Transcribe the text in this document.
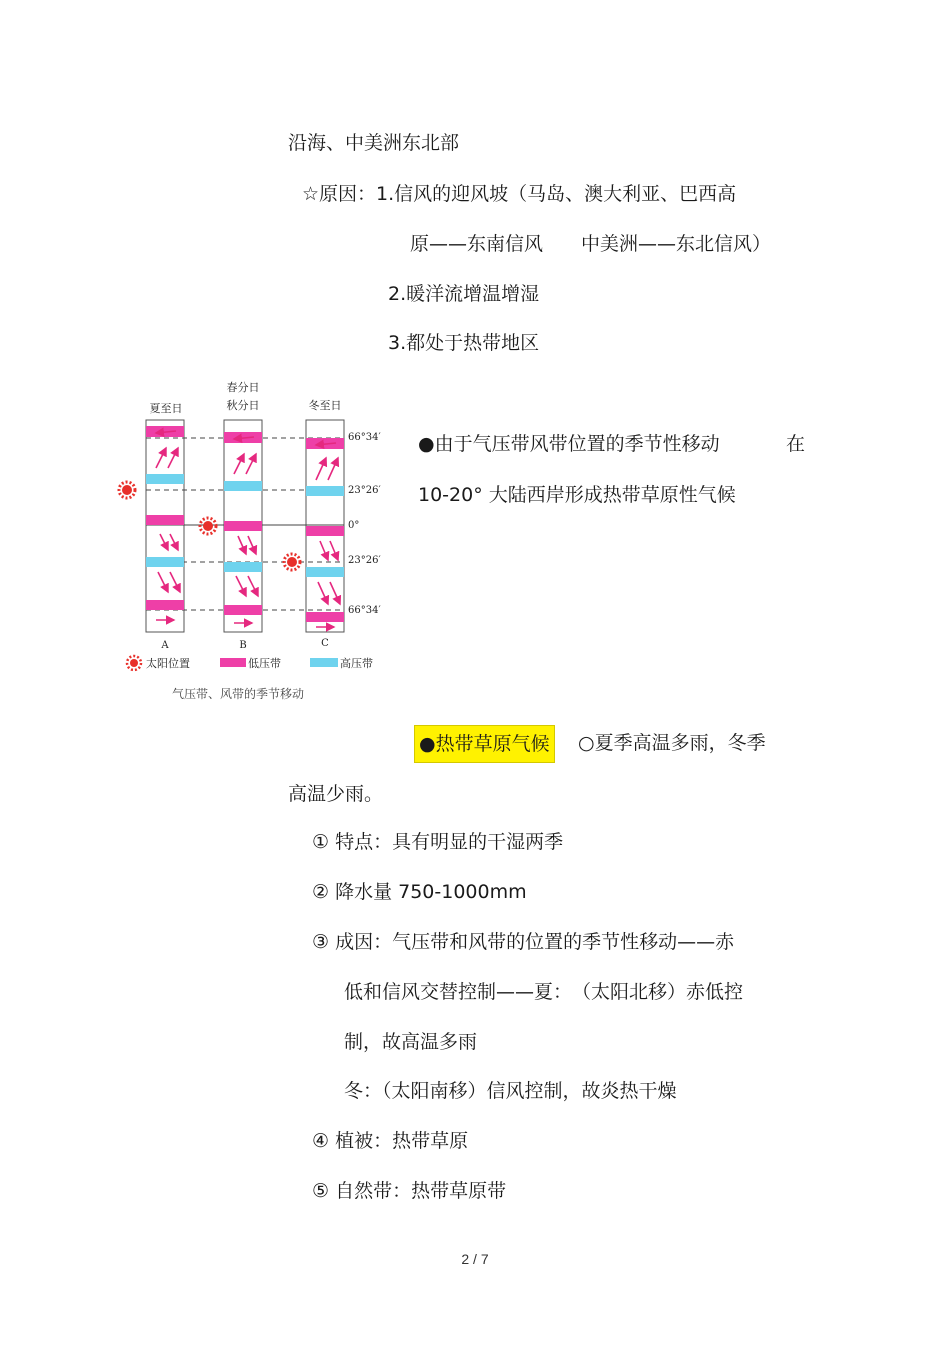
沿海、中美洲东北部
☆原因：1.信风的迎风坡（马岛、澳大利亚、巴西高
原——东南信风　　中美洲——东北信风）
2.暖洋流增温增湿
3.都处于热带地区
夏至日
春分日
秋分日	冬至日
66°34′
23°26′
0°
23°26′
66°34′
A	B	C
太阳位置	低压带	高压带
气压带、风带的季节移动
●由于气压带风带位置的季节性移动	在
10-20° 大陆西岸形成热带草原性气候
●热带草原气候 ○夏季高温多雨，冬季
高温少雨。
① 特点：具有明显的干湿两季
② 降水量 750-1000mm
③ 成因：气压带和风带的位置的季节性移动——赤
低和信风交替控制——夏：　（太阳北移）赤低控
制，故高温多雨
冬：（太阳南移）信风控制，故炎热干燥
④ 植被：热带草原
⑤ 自然带：热带草原带
2 / 7
